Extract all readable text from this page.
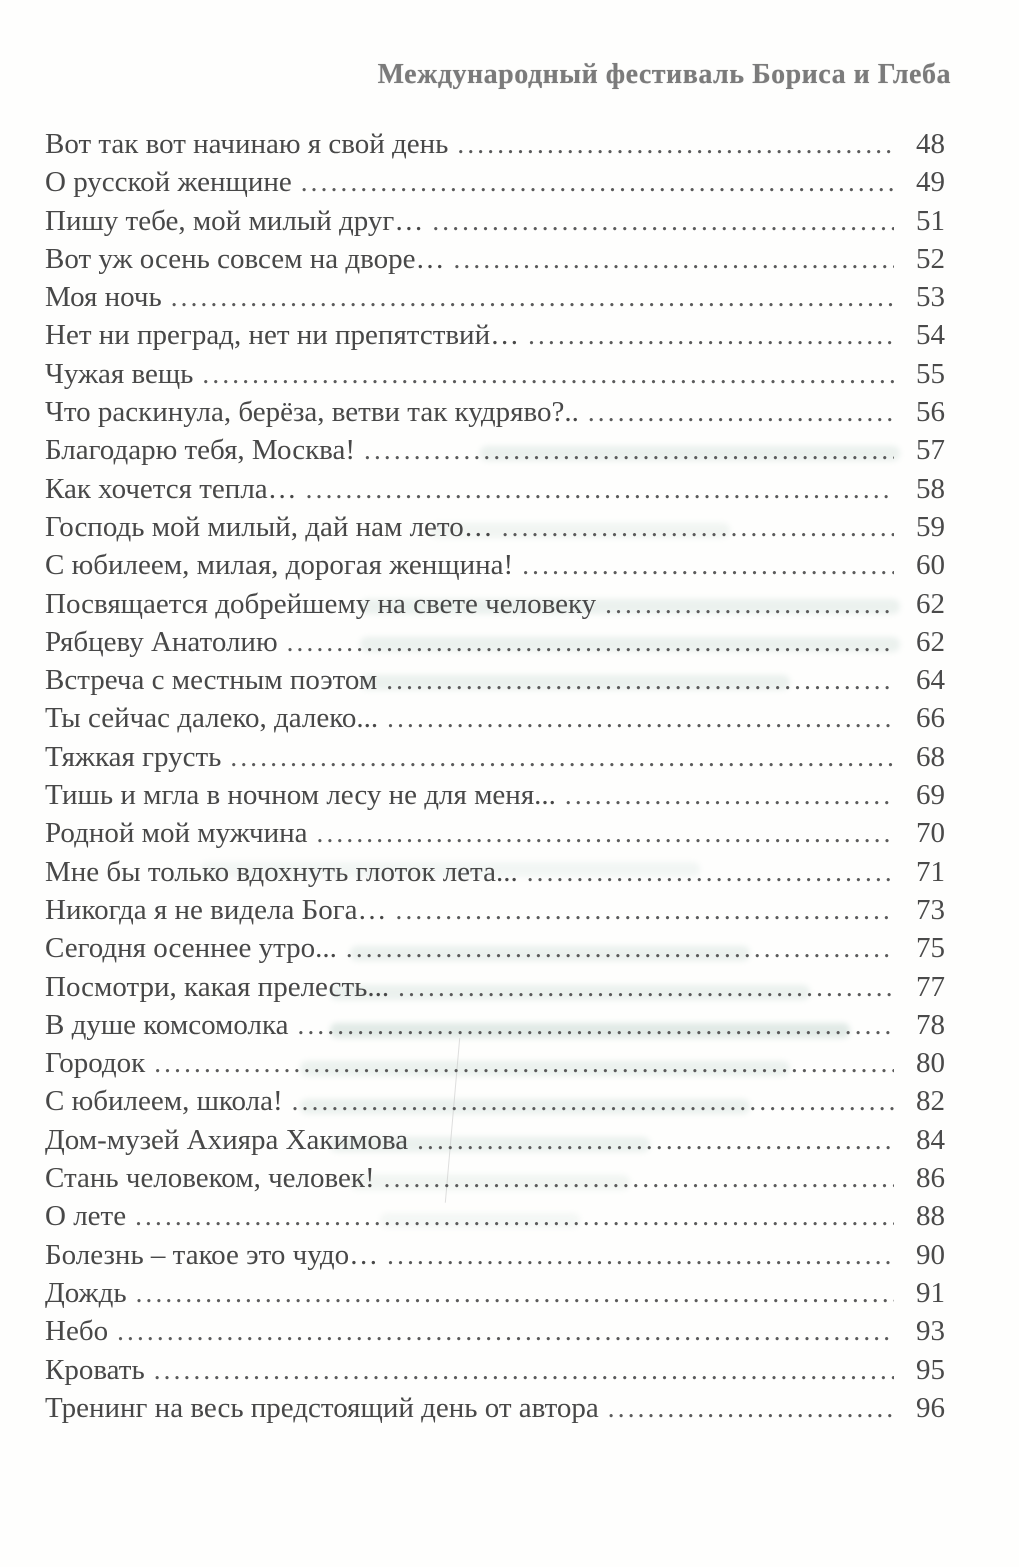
Международный фестиваль Бориса и Глеба
Вот так вот начинаю я свой день .....	48
О русской женщине .....	49
Пишу тебе, мой милый друг… .....	51
Вот уж осень совсем на дворе… .....	52
Моя ночь .....	53
Нет ни преград, нет ни препятствий… .....	54
Чужая вещь .....	55
Что раскинула, берёза, ветви так кудряво?.. .....	56
Благодарю тебя, Москва! .....	57
Как хочется тепла… .....	58
Господь мой милый, дай нам лето… .....	59
С юбилеем, милая, дорогая женщина! .....	60
Посвящается добрейшему на свете человеку .....	62
Рябцеву Анатолию .....	62
Встреча с местным поэтом .....	64
Ты сейчас далеко, далеко... .....	66
Тяжкая грусть .....	68
Тишь и мгла в ночном лесу не для меня... .....	69
Родной мой мужчина .....	70
Мне бы только вдохнуть глоток лета... .....	71
Никогда я не видела Бога… .....	73
Сегодня осеннее утро... .....	75
Посмотри, какая прелесть... .....	77
В душе комсомолка .....	78
Городок .....	80
С юбилеем, школа! .....	82
Дом-музей Ахияра Хакимова .....	84
Стань человеком, человек! .....	86
О лете .....	88
Болезнь – такое это чудо… .....	90
Дождь .....	91
Небо .....	93
Кровать .....	95
Тренинг на весь предстоящий день от автора .....	96
